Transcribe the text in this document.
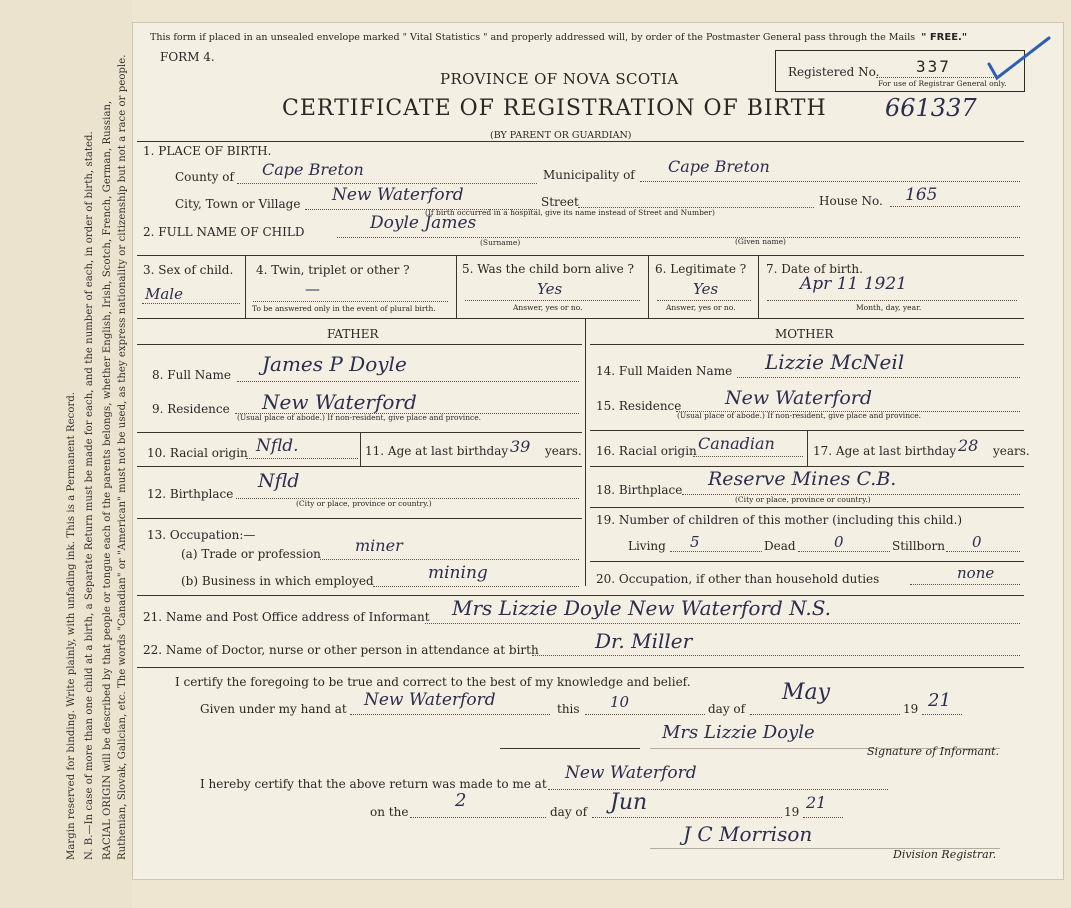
Margin reserved for binding. Write plainly, with unfading ink. This is a Permanent Record. N. B.—In case of more than one child at a birth, a Separate Return must be made for each, and the number of each, in order of birth, stated. RACIAL ORIGIN will be described by that people or tongue each of the parents belongs, whether English, Irish, Scotch, French, German, Russian, Ruthenian, Slovak, Galician, etc. The words "Canadian" or "American" must not be used, as they express nationality or citizenship but not a race or people.
This form if placed in an unsealed envelope marked " Vital Statistics " and properly addressed will, by order of the Postmaster General pass through the Mails " FREE."
FORM 4.
PROVINCE OF NOVA SCOTIA
CERTIFICATE OF REGISTRATION OF BIRTH 661337
(BY PARENT OR GUARDIAN)
Registered No. 337
For use of Registrar General only.
1. PLACE OF BIRTH.
County of Cape Breton	Municipality of Cape Breton
City, Town or Village New Waterford	Street
(If birth occurred in a hospital, give its name instead of Street and Number)
House No. 165
2. FULL NAME OF CHILD	Doyle James
(Surname)	(Given name)
3. Sex of child.
Male
4. Twin, triplet or other ?
—
To be answered only in the event of plural birth.
5. Was the child born alive ?
Yes
Answer, yes or no.
6. Legitimate ?
Yes
Answer, yes or no.
7. Date of birth.
Apr 11 1921
Month, day, year.
FATHER	MOTHER
8. Full Name James P Doyle
9. Residence New Waterford
(Usual place of abode.) If non-resident, give place and province.
10. Racial origin Nfld.	11. Age at last birthday 39 years.
12. Birthplace
Nfld
(City or place, province or country.)
13. Occupation:—
(a) Trade or profession miner
(b) Business in which employed	mining
14. Full Maiden Name Lizzie McNeil
15. Residence New Waterford
(Usual place of abode.) If non-resident, give place and province.
16. Racial origin Canadian	17. Age at last birthday 28 years.
18. Birthplace Reserve Mines C.B.
(City or place, province or country.)
19. Number of children of this mother (including this child.)
Living 5	Dead	0	Stillborn 0
20. Occupation, if other than household duties	none
21. Name and Post Office address of Informant Mrs Lizzie Doyle New Waterford N.S.
22. Name of Doctor, nurse or other person in attendance at birth	Dr. Miller
I certify the foregoing to be true and correct to the best of my knowledge and belief.
Given under my hand at New Waterford	this 10	day of
May
19 21
Mrs Lizzie Doyle
Signature of Informant.
I hereby certify that the above return was made to me at
New Waterford
on the
2
day of Jun	19 21
J C Morrison
Division Registrar.
